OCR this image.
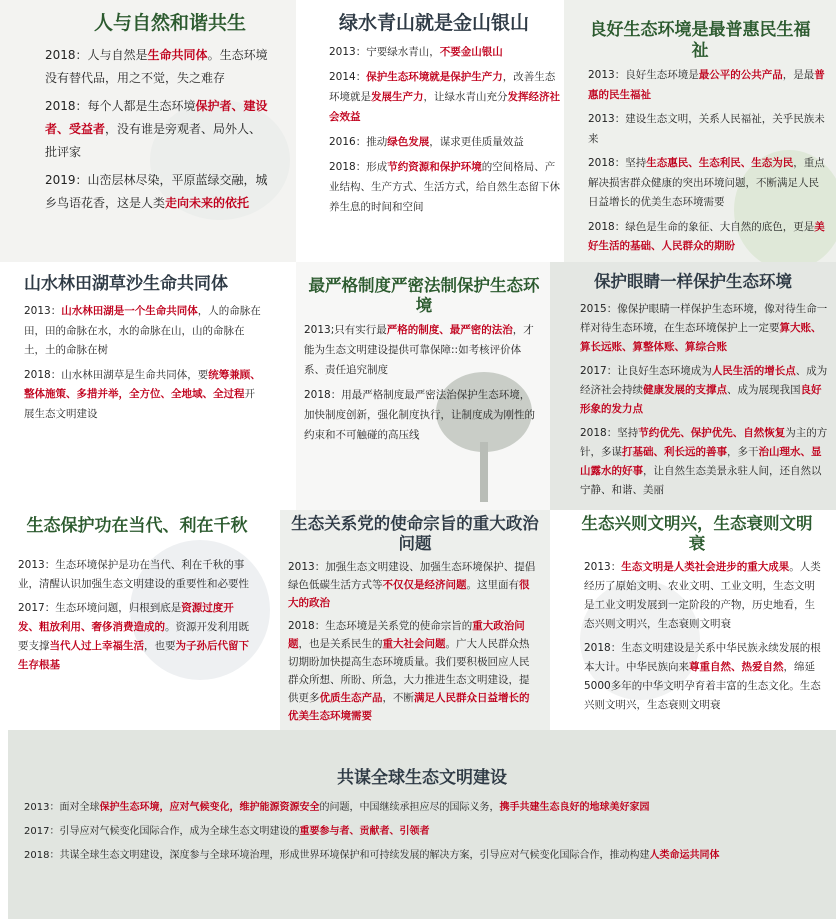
人与自然和谐共生

2018：人与自然是生命共同体。生态环境没有替代品，用之不觉，失之难存

2018：每个人都是生态环境保护者、建设者、受益者，没有谁是旁观者、局外人、批评家

2019：山峦层林尽染，平原蓝绿交融，城乡鸟语花香，这是人类走向未来的依托

绿水青山就是金山银山

2013：宁要绿水青山，不要金山银山

2014：保护生态环境就是保护生产力，改善生态环境就是发展生产力，让绿水青山充分发挥经济社会效益

2016：推动绿色发展，谋求更佳质量效益

2018：形成节约资源和保护环境的空间格局、产业结构、生产方式、生活方式，给自然生态留下休养生息的时间和空间

良好生态环境是最普惠民生福祉

2013：良好生态环境是最公平的公共产品，是最普惠的民生福祉

2013：建设生态文明，关系人民福祉，关乎民族未来

2018：坚持生态惠民、生态利民、生态为民，重点解决损害群众健康的突出环境问题，不断满足人民日益增长的优美生态环境需要

2018：绿色是生命的象征、大自然的底色，更是美好生活的基础、人民群众的期盼

山水林田湖草沙生命共同体

2013：山水林田湖是一个生命共同体，人的命脉在田，田的命脉在水，水的命脉在山，山的命脉在土，土的命脉在树

2018：山水林田湖草是生命共同体，要统筹兼顾、整体施策、多措并举，全方位、全地域、全过程开展生态文明建设

最严格制度严密法制保护生态环境

2013;只有实行最严格的制度、最严密的法治，才能为生态文明建设提供可靠保障::如考核评价体系、责任追究制度

2018：用最严格制度最严密法治保护生态环境，加快制度创新，强化制度执行，让制度成为刚性的约束和不可触碰的高压线

保护眼睛一样保护生态环境

2015：像保护眼睛一样保护生态环境，像对待生命一样对待生态环境，在生态环境保护上一定要算大账、算长远账、算整体账、算综合账

2017：让良好生态环境成为人民生活的增长点、成为经济社会持续健康发展的支撑点、成为展现我国良好形象的发力点

2018：坚持节约优先、保护优先、自然恢复为主的方针，多谋打基础、利长远的善事，多干治山理水、显山露水的好事，让自然生态美景永驻人间，还自然以宁静、和谐、美丽

生态保护功在当代、利在千秋

2013：生态环境保护是功在当代、利在千秋的事业，清醒认识加强生态文明建设的重要性和必要性

2017：生态环境问题，归根到底是资源过度开发、粗放利用、奢侈消费造成的。资源开发利用既要支撑当代人过上幸福生活，也要为子孙后代留下生存根基

生态关系党的使命宗旨的重大政治问题

2013：加强生态文明建设、加强生态环境保护、提倡绿色低碳生活方式等不仅仅是经济问题。这里面有很大的政治

2018：生态环境是关系党的使命宗旨的重大政治问题，也是关系民生的重大社会问题。广大人民群众热切期盼加快提高生态环境质量。我们要积极回应人民群众所想、所盼、所急，大力推进生态文明建设，提供更多优质生态产品，不断满足人民群众日益增长的优美生态环境需要

生态兴则文明兴，生态衰则文明衰

2013：生态文明是人类社会进步的重大成果。人类经历了原始文明、农业文明、工业文明，生态文明是工业文明发展到一定阶段的产物，历史地看，生态兴则文明兴，生态衰则文明衰

2018：生态文明建设是关系中华民族永续发展的根本大计。中华民族向来尊重自然、热爱自然，绵延5000多年的中华文明孕育着丰富的生态文化。生态兴则文明兴，生态衰则文明衰

共谋全球生态文明建设

2013：面对全球保护生态环境，应对气候变化，维护能源资源安全的问题，中国继续承担应尽的国际义务，携手共建生态良好的地球美好家园

2017：引导应对气候变化国际合作，成为全球生态文明建设的重要参与者、贡献者、引领者

2018：共谋全球生态文明建设，深度参与全球环境治理，形成世界环境保护和可持续发展的解决方案，引导应对气候变化国际合作，推动构建人类命运共同体
